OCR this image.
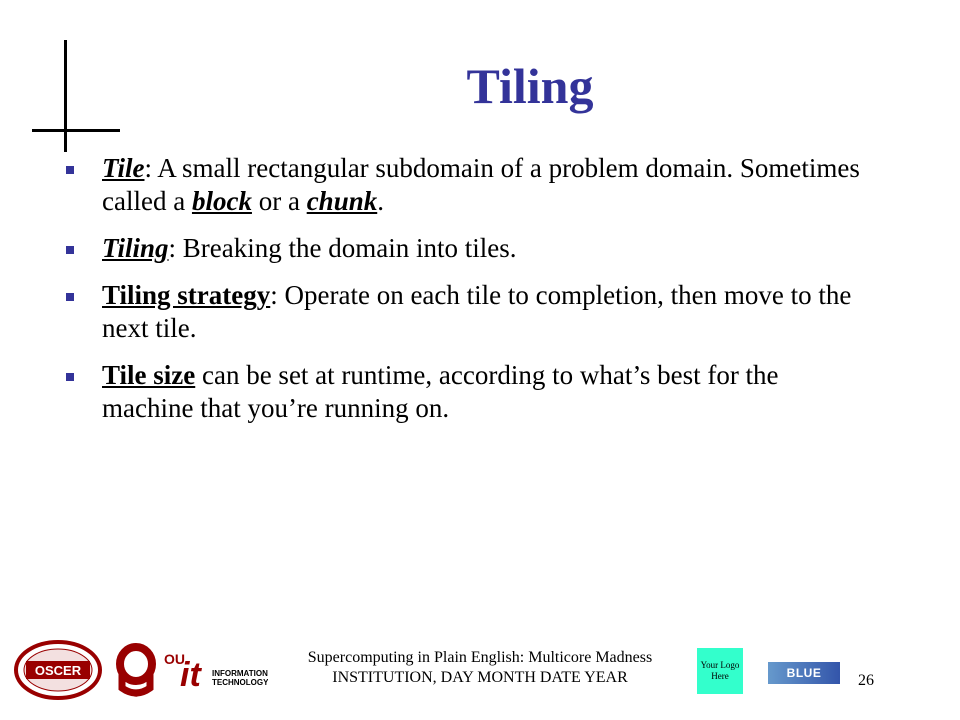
Tiling
Tile: A small rectangular subdomain of a problem domain. Sometimes called a block or a chunk.
Tiling: Breaking the domain into tiles.
Tiling strategy: Operate on each tile to completion, then move to the next tile.
Tile size can be set at runtime, according to what’s best for the machine that you’re running on.
OSCER
OU
OU
it INFORMATION
TECHNOLOGY
Supercomputing in Plain English: Multicore Madness
INSTITUTION, DAY MONTH DATE YEAR
Your Logo Here	BLUE WATERS
26
